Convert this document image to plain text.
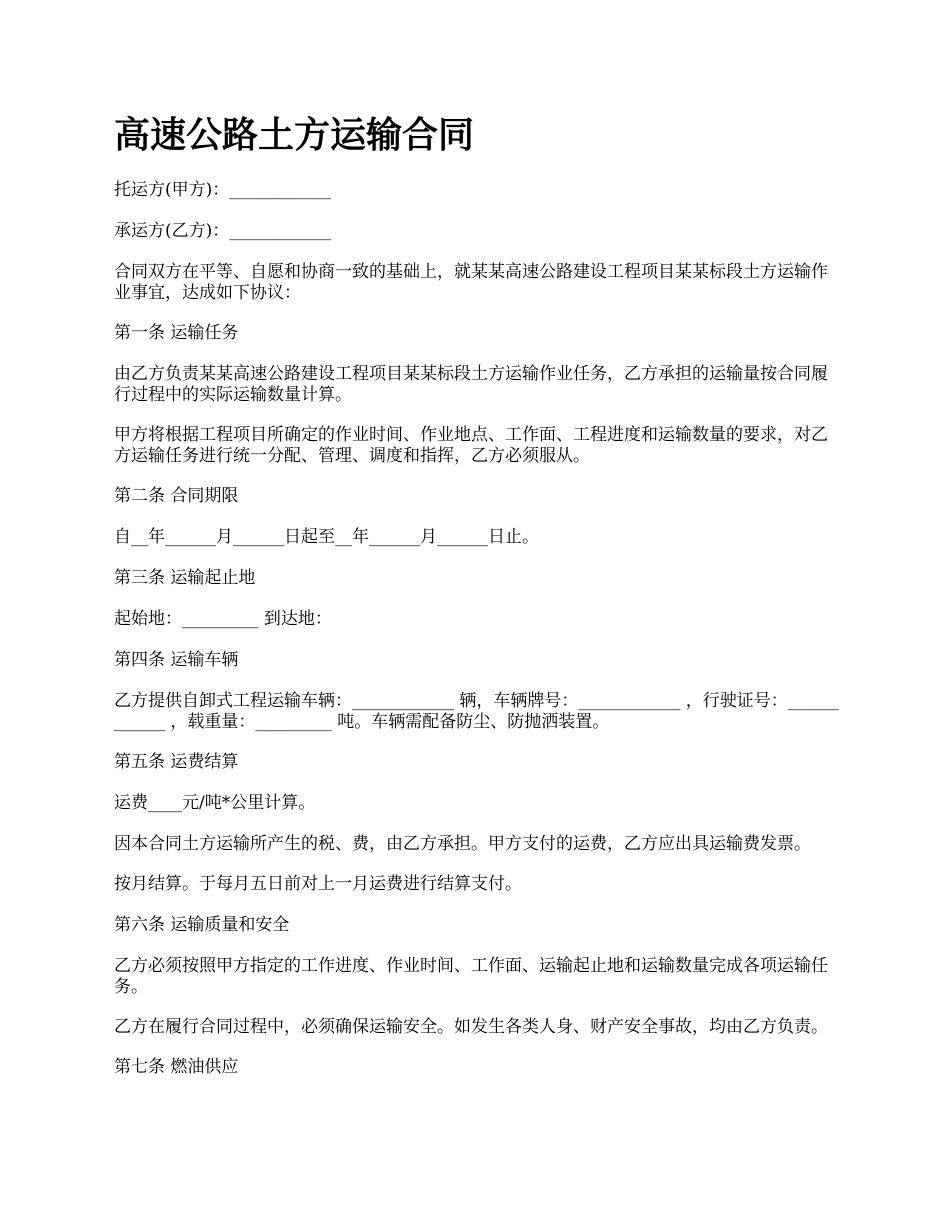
高速公路土方运输合同

托运方(甲方)：____________

承运方(乙方)：____________

合同双方在平等、自愿和协商一致的基础上，就某某高速公路建设工程项目某某标段土方运输作业事宜，达成如下协议：

第一条 运输任务

由乙方负责某某高速公路建设工程项目某某标段土方运输作业任务，乙方承担的运输量按合同履行过程中的实际运输数量计算。

甲方将根据工程项目所确定的作业时间、作业地点、工作面、工程进度和运输数量的要求，对乙方运输任务进行统一分配、管理、调度和指挥，乙方必须服从。

第二条 合同期限

自__年______月______日起至__年______月______日止。

第三条 运输起止地

起始地：_________ 到达地：

第四条 运输车辆

乙方提供自卸式工程运输车辆：____________ 辆，车辆牌号：____________ ，行驶证号：____________ ，载重量：_________ 吨。车辆需配备防尘、防抛洒装置。

第五条 运费结算

运费____元/吨*公里计算。

因本合同土方运输所产生的税、费，由乙方承担。甲方支付的运费，乙方应出具运输费发票。

按月结算。于每月五日前对上一月运费进行结算支付。

第六条 运输质量和安全

乙方必须按照甲方指定的工作进度、作业时间、工作面、运输起止地和运输数量完成各项运输任务。

乙方在履行合同过程中，必须确保运输安全。如发生各类人身、财产安全事故，均由乙方负责。

第七条 燃油供应
